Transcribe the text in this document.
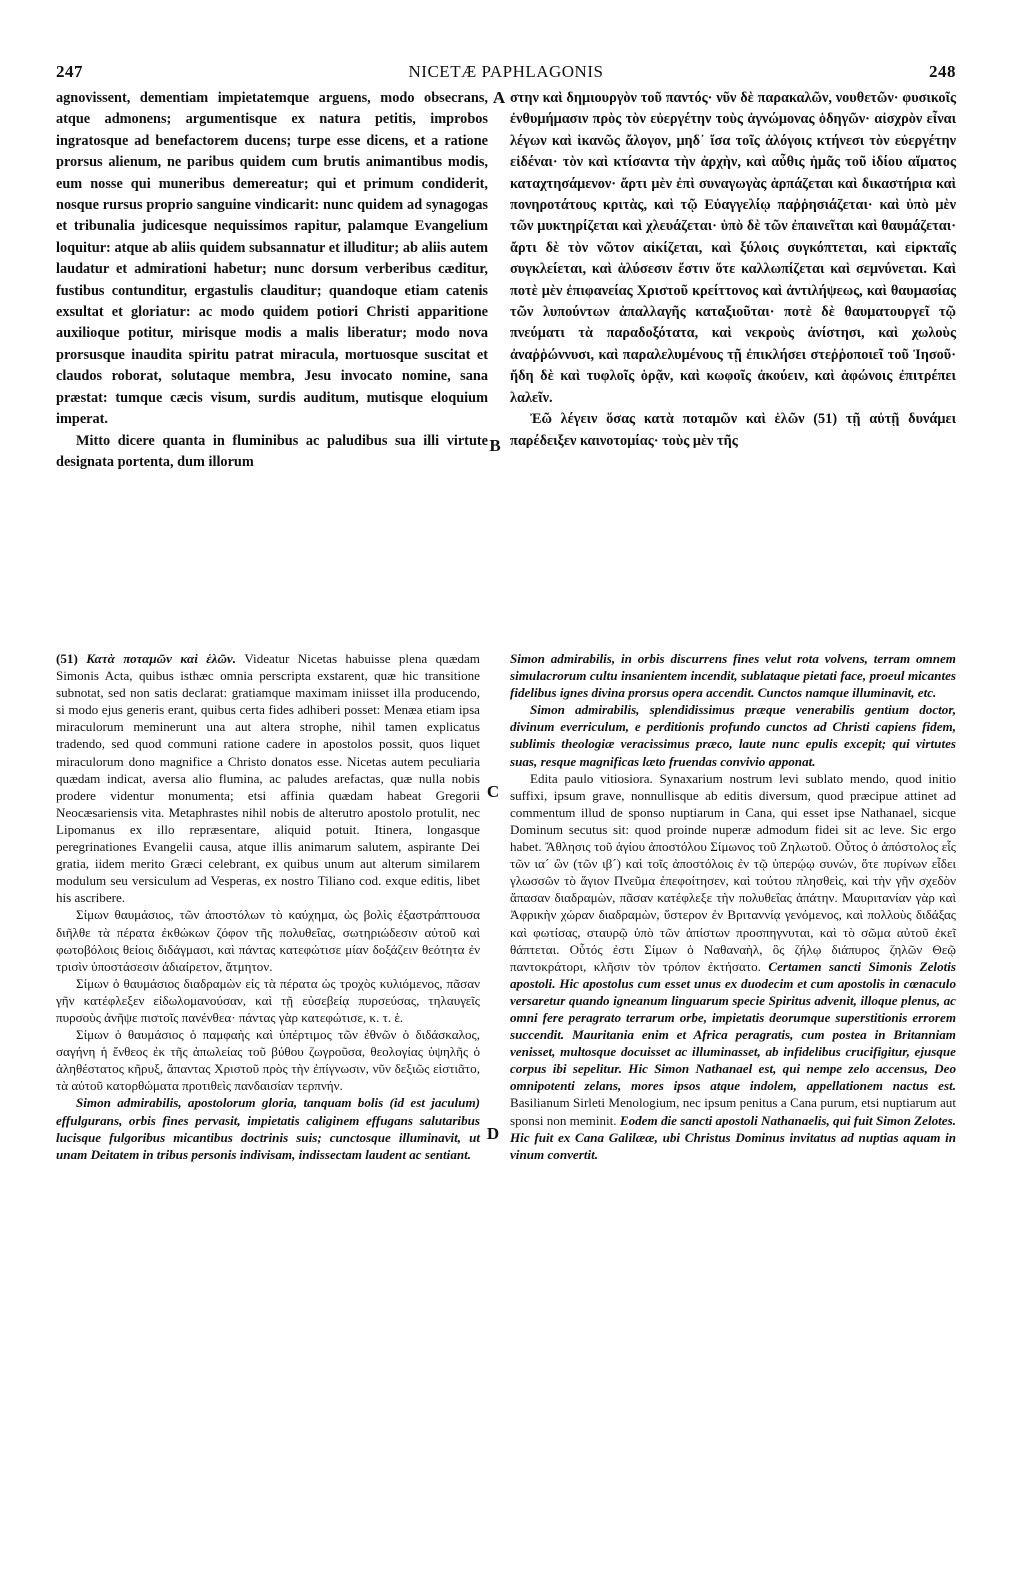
247	NICETÆ PAPHLAGONIS	248
A
B
C
D

agnovissent, dementiam impietatemque arguens, modo obsecrans, atque admonens; argumentisque ex natura petitis, improbos ingratosque ad benefactorem ducens; turpe esse dicens, et a ratione prorsus alienum, ne paribus quidem cum brutis animantibus modis, eum nosse qui muneribus demereatur; qui et primum condiderit, nosque rursus proprio sanguine vindicarit: nunc quidem ad synagogas et tribunalia judicesque nequissimos rapitur, palamque Evangelium loquitur: atque ab aliis quidem subsannatur et illuditur; ab aliis autem laudatur et admirationi habetur; nunc dorsum verberibus cæditur, fustibus contunditur, ergastulis clauditur; quandoque etiam catenis exsultat et gloriatur: ac modo quidem potiori Christi apparitione auxilioque potitur, mirisque modis a malis liberatur; modo nova prorsusque inaudita spiritu patrat miracula, mortuosque suscitat et claudos roborat, solutaque membra, Jesu invocato nomine, sana præstat: tumque cæcis visum, surdis auditum, mutisque eloquium imperat.

Mitto dicere quanta in fluminibus ac paludibus sua illi virtute designata portenta, dum illorum

στην καὶ δημιουργὸν τοῦ παντός· νῦν δὲ παρακαλῶν, νουθετῶν· φυσικοῖς ἐνθυμήμασιν πρὸς τὸν εὐεργέτην τοὺς ἀγνώμονας ὁδηγῶν· αἰσχρὸν εἶναι λέγων καὶ ἱκανῶς ἄλογον, μηδ᾽ ἴσα τοῖς ἀλόγοις κτήνεσι τὸν εὐεργέτην εἰδέναι· τὸν καὶ κτίσαντα τὴν ἀρχὴν, καὶ αὖθις ἡμᾶς τοῦ ἰδίου αἵματος καταχτησάμενον· ἄρτι μὲν ἐπὶ συναγωγὰς ἁρπάζεται καὶ δικαστήρια καὶ πονηροτάτους κριτὰς, καὶ τῷ Εὐαγγελίῳ παῤῥησιάζεται· καὶ ὑπὸ μὲν τῶν μυκτηρίζεται καὶ χλευάζεται· ὑπὸ δὲ τῶν ἐπαινεῖται καὶ θαυμάζεται· ἄρτι δὲ τὸν νῶτον αἰκίζεται, καὶ ξύλοις συγκόπτεται, καὶ εἱρκταῖς συγκλείεται, καὶ ἁλύσεσιν ἔστιν ὅτε καλλωπίζεται καὶ σεμνύνεται. Καὶ ποτὲ μὲν ἐπιφανείας Χριστοῦ κρείττονος καὶ ἀντιλήψεως, καὶ θαυμασίας τῶν λυπούντων ἀπαλλαγῆς καταξιοῦται· ποτὲ δὲ θαυματουργεῖ τῷ πνεύματι τὰ παραδοξότατα, καὶ νεκροὺς ἀνίστησι, καὶ χωλοὺς ἀναῤῥώννυσι, καὶ παραλελυμένους τῇ ἐπικλήσει στεῤῥοποιεῖ τοῦ Ἰησοῦ· ἤδη δὲ καὶ τυφλοῖς ὁρᾷν, καὶ κωφοῖς ἀκούειν, καὶ ἀφώνοις ἐπιτρέπει λαλεῖν.

Ἐῶ λέγειν ὅσας κατὰ ποταμῶν καὶ ἑλῶν (51) τῇ αὐτῇ δυνάμει παρέδειξεν καινοτομίας· τοὺς μὲν τῆς

(51) Κατὰ ποταμῶν καὶ ἑλῶν. Videatur Nicetas habuisse plena quædam Simonis Acta, quibus isthæc omnia perscripta exstarent, quæ hic transitione subnotat, sed non satis declarat: gratiamque maximam iniisset illa producendo, si modo ejus generis erant, quibus certa fides adhiberi posset: Menæa etiam ipsa miraculorum meminerunt una aut altera strophe, nihil tamen explicatus tradendo, sed quod communi ratione cadere in apostolos possit, quos liquet miraculorum dono magnifice a Christo donatos esse. Nicetas autem peculiaria quædam indicat, aversa alio flumina, ac paludes arefactas, quæ nulla nobis prodere videntur monumenta; etsi affinia quædam habeat Gregorii Neocæsariensis vita. Metaphrastes nihil nobis de alterutro apostolo protulit, nec Lipomanus ex illo repræsentare, aliquid potuit. Itinera, longasque peregrinationes Evangelii causa, atque illis animarum salutem, aspirante Dei gratia, iidem merito Græci celebrant, ex quibus unum aut alterum similarem modulum seu versiculum ad Vesperas, ex nostro Tiliano cod. exque editis, libet his ascribere.

Σίμων θαυμάσιος, τῶν ἀποστόλων τὸ καύχημα, ὡς βολὶς ἐξαστράπτουσα διῆλθε τὰ πέρατα ἐκθώκων ζόφον τῆς πολυθεΐας, σωτηριώδεσιν αὐτοῦ καὶ φωτοβόλοις θείοις διδάγμασι, καὶ πάντας κατεφώτισε μίαν δοξάζειν θεότητα ἐν τρισὶν ὑποστάσεσιν ἀδιαίρετον, ἄτμητον.

Σίμων ὁ θαυμάσιος διαδραμὼν εἰς τὰ πέρατα ὡς τροχὸς κυλιόμενος, πᾶσαν γῆν κατέφλεξεν εἰδωλομανούσαν, καὶ τῇ εὐσεβείᾳ πυρσεύσας, τηλαυγεῖς πυρσοὺς ἀνῆψε πιστοῖς πανένθεα· πάντας γὰρ κατεφώτισε, κ. τ. ἑ.

Σίμων ὁ θαυμάσιος ὁ παμφαὴς καὶ ὑπέρτιμος τῶν ἐθνῶν ὁ διδάσκαλος, σαγήνη ἡ ἔνθεος ἐκ τῆς ἀπωλείας τοῦ βύθου ζωγροῦσα, θεολογίας ὑψηλῆς ὁ ἀληθέστατος κῆρυξ, ἅπαντας Χριστοῦ πρὸς τὴν ἐπίγνωσιν, νῦν δεξιῶς εἱστιᾶτο, τὰ αὐτοῦ κατορθώματα προτιθεὶς πανδαισίαν τερπνήν.

Simon admirabilis, apostolorum gloria, tanquam bolis (id est jaculum) effulgurans, orbis fines pervasit, impietatis caliginem effugans salutaribus lucisque fulgoribus micantibus doctrinis suis; cunctosque illuminavit, ut unam Deitatem in tribus personis indivisam, indissectam laudent ac sentiant.

Simon admirabilis, in orbis discurrens fines velut rota volvens, terram omnem simulacrorum cultu insanientem incendit, sublataque pietati face, proeul micantes fidelibus ignes divina prorsus opera accendit. Cunctos namque illuminavit, etc.

Simon admirabilis, splendidissimus præque venerabilis gentium doctor, divinum everriculum, e perditionis profundo cunctos ad Christi capiens fidem, sublimis theologiæ veracissimus præco, laute nunc epulis excepit; qui virtutes suas, resque magnificas læto fruendas convivio apponat.

Edita paulo vitiosiora. Synaxarium nostrum levi sublato mendo, quod initio suffixi, ipsum grave, nonnullisque ab editis diversum, quod præcipue attinet ad commentum illud de sponso nuptiarum in Cana, qui esset ipse Nathanael, sicque Dominum secutus sit: quod proinde nuperæ admodum fidei sit ac leve. Sic ergo habet. Ἄθλησις τοῦ ἁγίου ἀποστόλου Σίμωνος τοῦ Ζηλωτοῦ. Οὗτος ὁ ἀπόστολος εἷς τῶν ια´ ὢν (τῶν ιβ´) καὶ τοῖς ἀποστόλοις ἐν τῷ ὑπερῴῳ συνών, ὅτε πυρίνων εἶδει γλωσσῶν τὸ ἅγιον Πνεῦμα ἐπεφοίτησεν, καὶ τούτου πλησθεὶς, καὶ τὴν γῆν σχεδὸν ἅπασαν διαδραμὼν, πᾶσαν κατέφλεξε τὴν πολυθεΐας ἀπάτην. Μαυριτανίαν γὰρ καὶ Ἀφρικὴν χώραν διαδραμὼν, ὕστερον ἐν Βριταννίᾳ γενόμενος, καὶ πολλοὺς διδάξας καὶ φωτίσας, σταυρῷ ὑπὸ τῶν ἀπίστων προσπηγνυται, καὶ τὸ σῶμα αὐτοῦ ἐκεῖ θάπτεται. Οὗτός ἐστι Σίμων ὁ Ναθαναὴλ, ὃς ζήλῳ διάπυρος ζηλῶν Θεῷ παντοκράτορι, κλῆσιν τὸν τρόπον ἐκτήσατο. Certamen sancti Simonis Zelotis apostoli. Hic apostolus cum esset unus ex duodecim et cum apostolis in cœnaculo versaretur quando igneanum linguarum specie Spiritus advenit, illoque plenus, ac omni fere peragrato terrarum orbe, impietatis deorumque superstitionis errorem succendit. Mauritania enim et Africa peragratis, cum postea in Britanniam venisset, multosque docuisset ac illuminasset, ab infidelibus crucifigitur, ejusque corpus ibi sepelitur. Hic Simon Nathanael est, qui nempe zelo accensus, Deo omnipotenti zelans, mores ipsos atque indolem, appellationem nactus est. Basilianum Sirleti Menologium, nec ipsum penitus a Cana purum, etsi nuptiarum aut sponsi non meminit. Eodem die sancti apostoli Nathanaelis, qui fuit Simon Zelotes. Hic fuit ex Cana Galilææ, ubi Christus Dominus invitatus ad nuptias aquam in vinum convertit.
